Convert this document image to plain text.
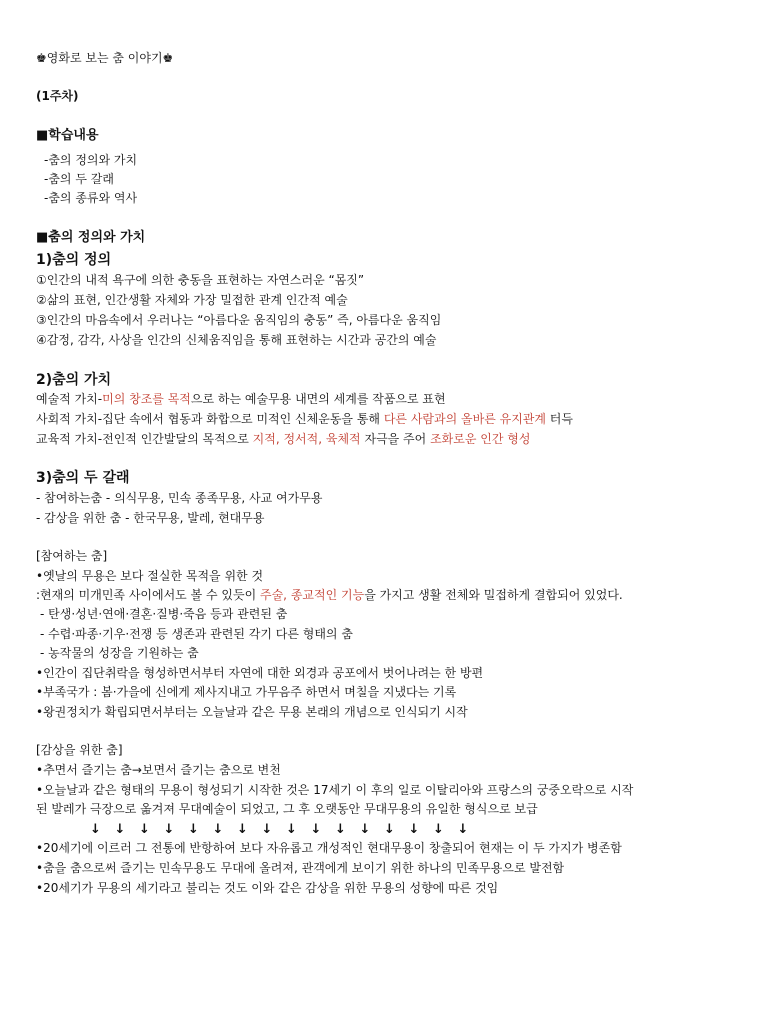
♚영화로 보는 춤 이야기♚
(1주차)
■학습내용
-춤의 정의와 가치
-춤의 두 갈래
-춤의 종류와 역사
■춤의 정의와 가치
1)춤의 정의
①인간의 내적 욕구에 의한 충동을 표현하는 자연스러운 “몸짓”
②삶의 표현, 인간생활 자체와 가장 밀접한 관계 인간적 예술
③인간의 마음속에서 우러나는 “아름다운 움직임의 충동” 즉, 아름다운 움직임
④감정, 감각, 사상을 인간의 신체움직임을 통해 표현하는 시간과 공간의 예술
2)춤의 가치
예술적 가치-미의 창조를 목적으로 하는 예술무용 내면의 세계를 작품으로 표현
사회적 가치-집단 속에서 협동과 화합으로 미적인 신체운동을 통해 다른 사람과의 올바른 유지관계 터득
교육적 가치-전인적 인간발달의 목적으로 지적, 정서적, 육체적 자극을 주어 조화로운 인간 형성
3)춤의 두 갈래
- 참여하는춤 - 의식무용, 민속 종족무용, 사교 여가무용
- 감상을 위한 춤 - 한국무용, 발레, 현대무용
[참여하는 춤]
•옛날의 무용은 보다 절실한 목적을 위한 것
:현재의 미개민족 사이에서도 볼 수 있듯이 주술, 종교적인 기능을 가지고 생활 전체와 밀접하게 결합되어 있었다.
- 탄생·성년·연애·결혼·질병·죽음 등과 관련된 춤
- 수렵·파종·기우·전쟁 등 생존과 관련된 각기 다른 형태의 춤
- 농작물의 성장을 기원하는 춤
•인간이 집단취락을 형성하면서부터 자연에 대한 외경과 공포에서 벗어나려는 한 방편
•부족국가 : 봄·가을에 신에게 제사지내고 가무음주 하면서 며칠을 지냈다는 기록
•왕권정치가 확립되면서부터는 오늘날과 같은 무용 본래의 개념으로 인식되기 시작
[감상을 위한 춤]
•추면서 즐기는 춤→보면서 즐기는 춤으로 변천
•오늘날과 같은 형태의 무용이 형성되기 시작한 것은 17세기 이 후의 일로 이탈리아와 프랑스의 궁중오락으로 시작
된 발레가 극장으로 옮겨져 무대예술이 되었고, 그 후 오랫동안 무대무용의 유일한 형식으로 보급
↓ ↓ ↓ ↓ ↓ ↓ ↓ ↓ ↓ ↓ ↓ ↓ ↓ ↓ ↓ ↓
•20세기에 이르러 그 전통에 반항하여 보다 자유롭고 개성적인 현대무용이 창출되어 현재는 이 두 가지가 병존함
•춤을 춤으로써 즐기는 민속무용도 무대에 올려져, 관객에게 보이기 위한 하나의 민족무용으로 발전함
•20세기가 무용의 세기라고 불리는 것도 이와 같은 감상을 위한 무용의 성향에 따른 것임
